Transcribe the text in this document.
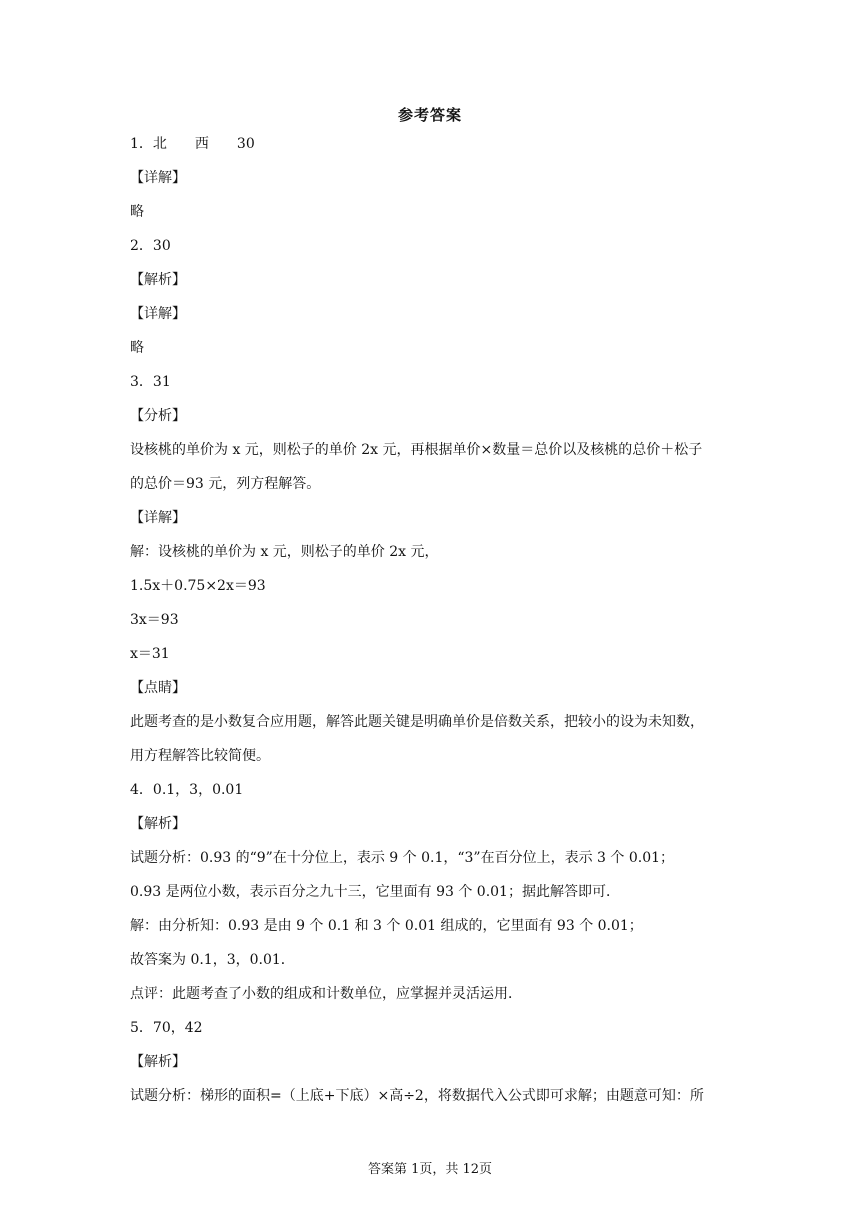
参考答案
1．北 西 30
【详解】
略
2．30
【解析】
【详解】
略
3．31
【分析】
设核桃的单价为 x 元，则松子的单价 2x 元，再根据单价×数量＝总价以及核桃的总价＋松子
的总价＝93 元，列方程解答。
【详解】
解：设核桃的单价为 x 元，则松子的单价 2x 元，
1.5x＋0.75×2x＝93
3x＝93
x＝31
【点睛】
此题考查的是小数复合应用题，解答此题关键是明确单价是倍数关系，把较小的设为未知数，
用方程解答比较简便。
4．0.1，3，0.01
【解析】
试题分析：0.93 的“9”在十分位上，表示 9 个 0.1，“3”在百分位上，表示 3 个 0.01；
0.93 是两位小数，表示百分之九十三，它里面有 93 个 0.01；据此解答即可．
解：由分析知：0.93 是由 9 个 0.1 和 3 个 0.01 组成的，它里面有 93 个 0.01；
故答案为 0.1，3，0.01．
点评：此题考查了小数的组成和计数单位，应掌握并灵活运用．
5．70，42
【解析】
试题分析：梯形的面积=（上底+下底）×高÷2，将数据代入公式即可求解；由题意可知：所
答案第 1页，共 12页
